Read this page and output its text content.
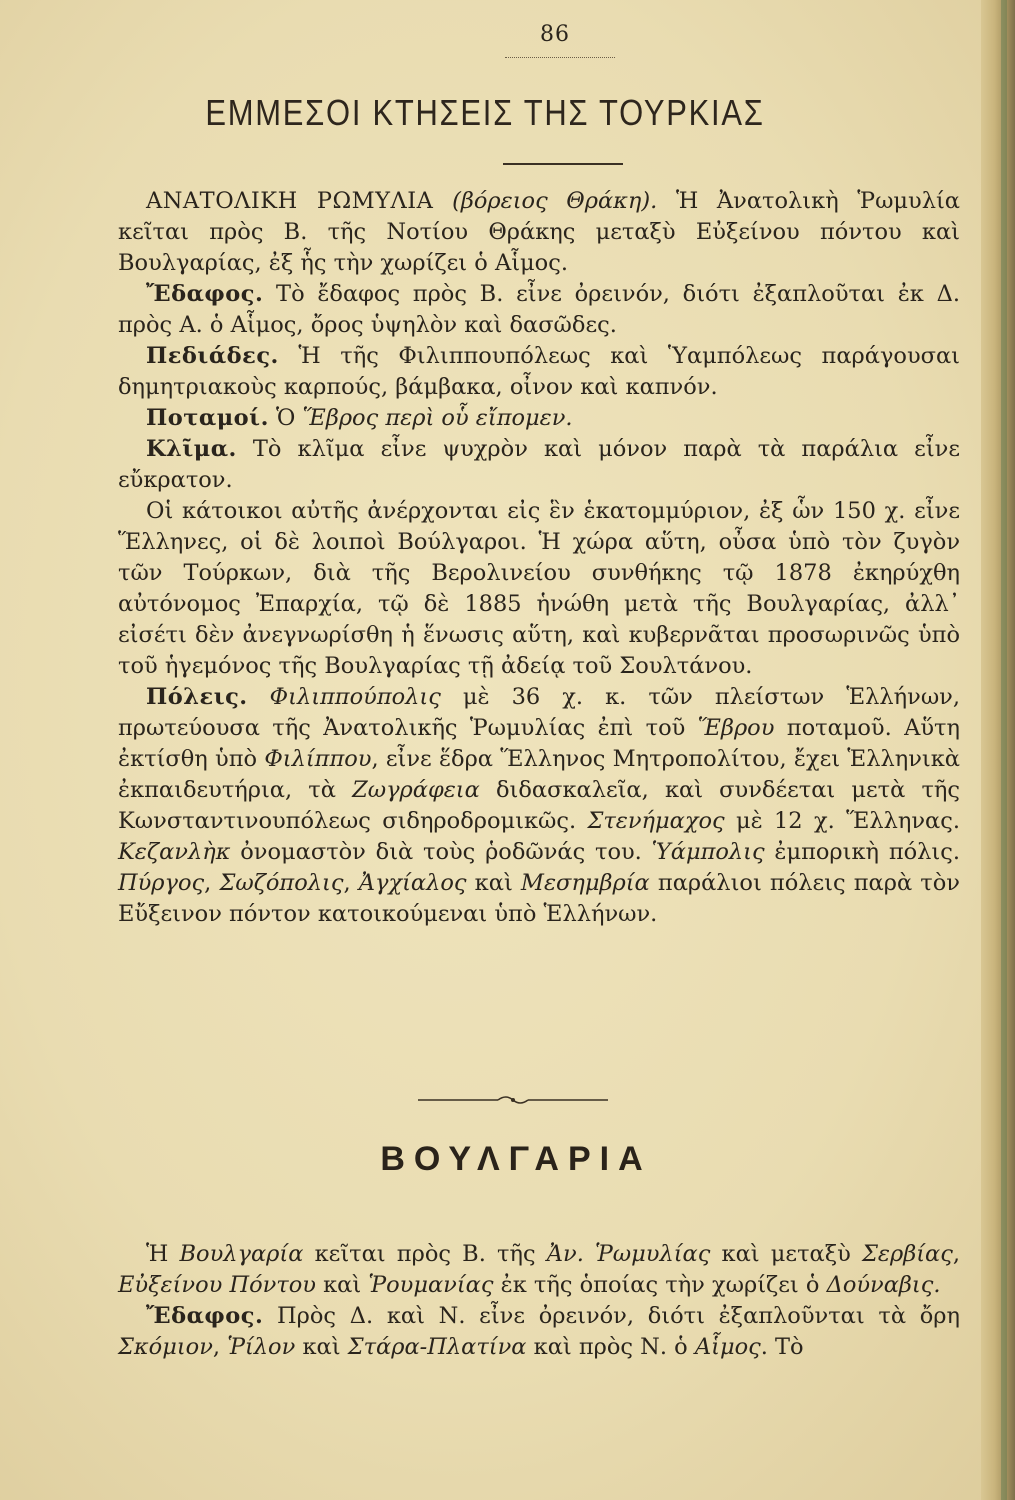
86
ΕΜΜΕΣΟΙ ΚΤΗΣΕΙΣ ΤΗΣ ΤΟΥΡΚΙΑΣ

ΑΝΑΤΟΛΙΚΗ ΡΩΜΥΛΙΑ (βόρειος Θράκη). Ἡ Ἀνατολικὴ Ῥωμυλία κεῖται πρὸς Β. τῆς Νοτίου Θράκης μεταξὺ Εὐξείνου πόντου καὶ Βουλγαρίας, ἐξ ἧς τὴν χωρίζει ὁ Αἷμος.

Ἔδαφος. Τὸ ἔδαφος πρὸς Β. εἶνε ὀρεινόν, διότι ἐξαπλοῦται ἐκ Δ. πρὸς Α. ὁ Αἷμος, ὄρος ὑψηλὸν καὶ δασῶδες.

Πεδιάδες. Ἡ τῆς Φιλιππουπόλεως καὶ Ὑαμπόλεως παράγουσαι δημητριακοὺς καρπούς, βάμβακα, οἶνον καὶ καπνόν.

Ποταμοί. Ὁ Ἕβρος περὶ οὗ εἴπομεν.

Κλῖμα. Τὸ κλῖμα εἶνε ψυχρὸν καὶ μόνον παρὰ τὰ παράλια εἶνε εὔκρατον.

Οἱ κάτοικοι αὐτῆς ἀνέρχονται εἰς ἓν ἑκατομμύριον, ἐξ ὧν 150 χ. εἶνε Ἕλληνες, οἱ δὲ λοιποὶ Βούλγαροι. Ἡ χώρα αὕτη, οὖσα ὑπὸ τὸν ζυγὸν τῶν Τούρκων, διὰ τῆς Βερολινείου συνθήκης τῷ 1878 ἐκηρύχθη αὐτόνομος Ἐπαρχία, τῷ δὲ 1885 ἡνώθη μετὰ τῆς Βουλγαρίας, ἀλλ᾽ εἰσέτι δὲν ἀνεγνωρίσθη ἡ ἕνωσις αὕτη, καὶ κυβερνᾶται προσωρινῶς ὑπὸ τοῦ ἡγεμόνος τῆς Βουλγαρίας τῇ ἀδείᾳ τοῦ Σουλτάνου.

Πόλεις. Φιλιππούπολις μὲ 36 χ. κ. τῶν πλείστων Ἑλλήνων, πρωτεύουσα τῆς Ἀνατολικῆς Ῥωμυλίας ἐπὶ τοῦ Ἕβρου ποταμοῦ. Αὕτη ἐκτίσθη ὑπὸ Φιλίππου, εἶνε ἕδρα Ἕλληνος Μητροπολίτου, ἔχει Ἑλληνικὰ ἐκπαιδευτήρια, τὰ Ζωγράφεια διδασκαλεῖα, καὶ συνδέεται μετὰ τῆς Κωνσταντινουπόλεως σιδηροδρομικῶς. Στενήμαχος μὲ 12 χ. Ἕλληνας. Κεζανλὴκ ὀνομαστὸν διὰ τοὺς ῥοδῶνάς του. Ὑάμπολις ἐμπορικὴ πόλις. Πύργος, Σωζόπολις, Ἀγχίαλος καὶ Μεσημβρία παράλιοι πόλεις παρὰ τὸν Εὔξεινον πόντον κατοικούμεναι ὑπὸ Ἑλλήνων.

ΒΟΥΛΓΑΡΙΑ

Ἡ Βουλγαρία κεῖται πρὸς Β. τῆς Ἀν. Ῥωμυλίας καὶ μεταξὺ Σερβίας, Εὐξείνου Πόντου καὶ Ῥουμανίας ἐκ τῆς ὁποίας τὴν χωρίζει ὁ Δούναβις.

Ἔδαφος. Πρὸς Δ. καὶ Ν. εἶνε ὀρεινόν, διότι ἐξαπλοῦνται τὰ ὄρη Σκόμιον, Ῥίλον καὶ Στάρα-Πλατίνα καὶ πρὸς Ν. ὁ Αἷμος. Τὸ
